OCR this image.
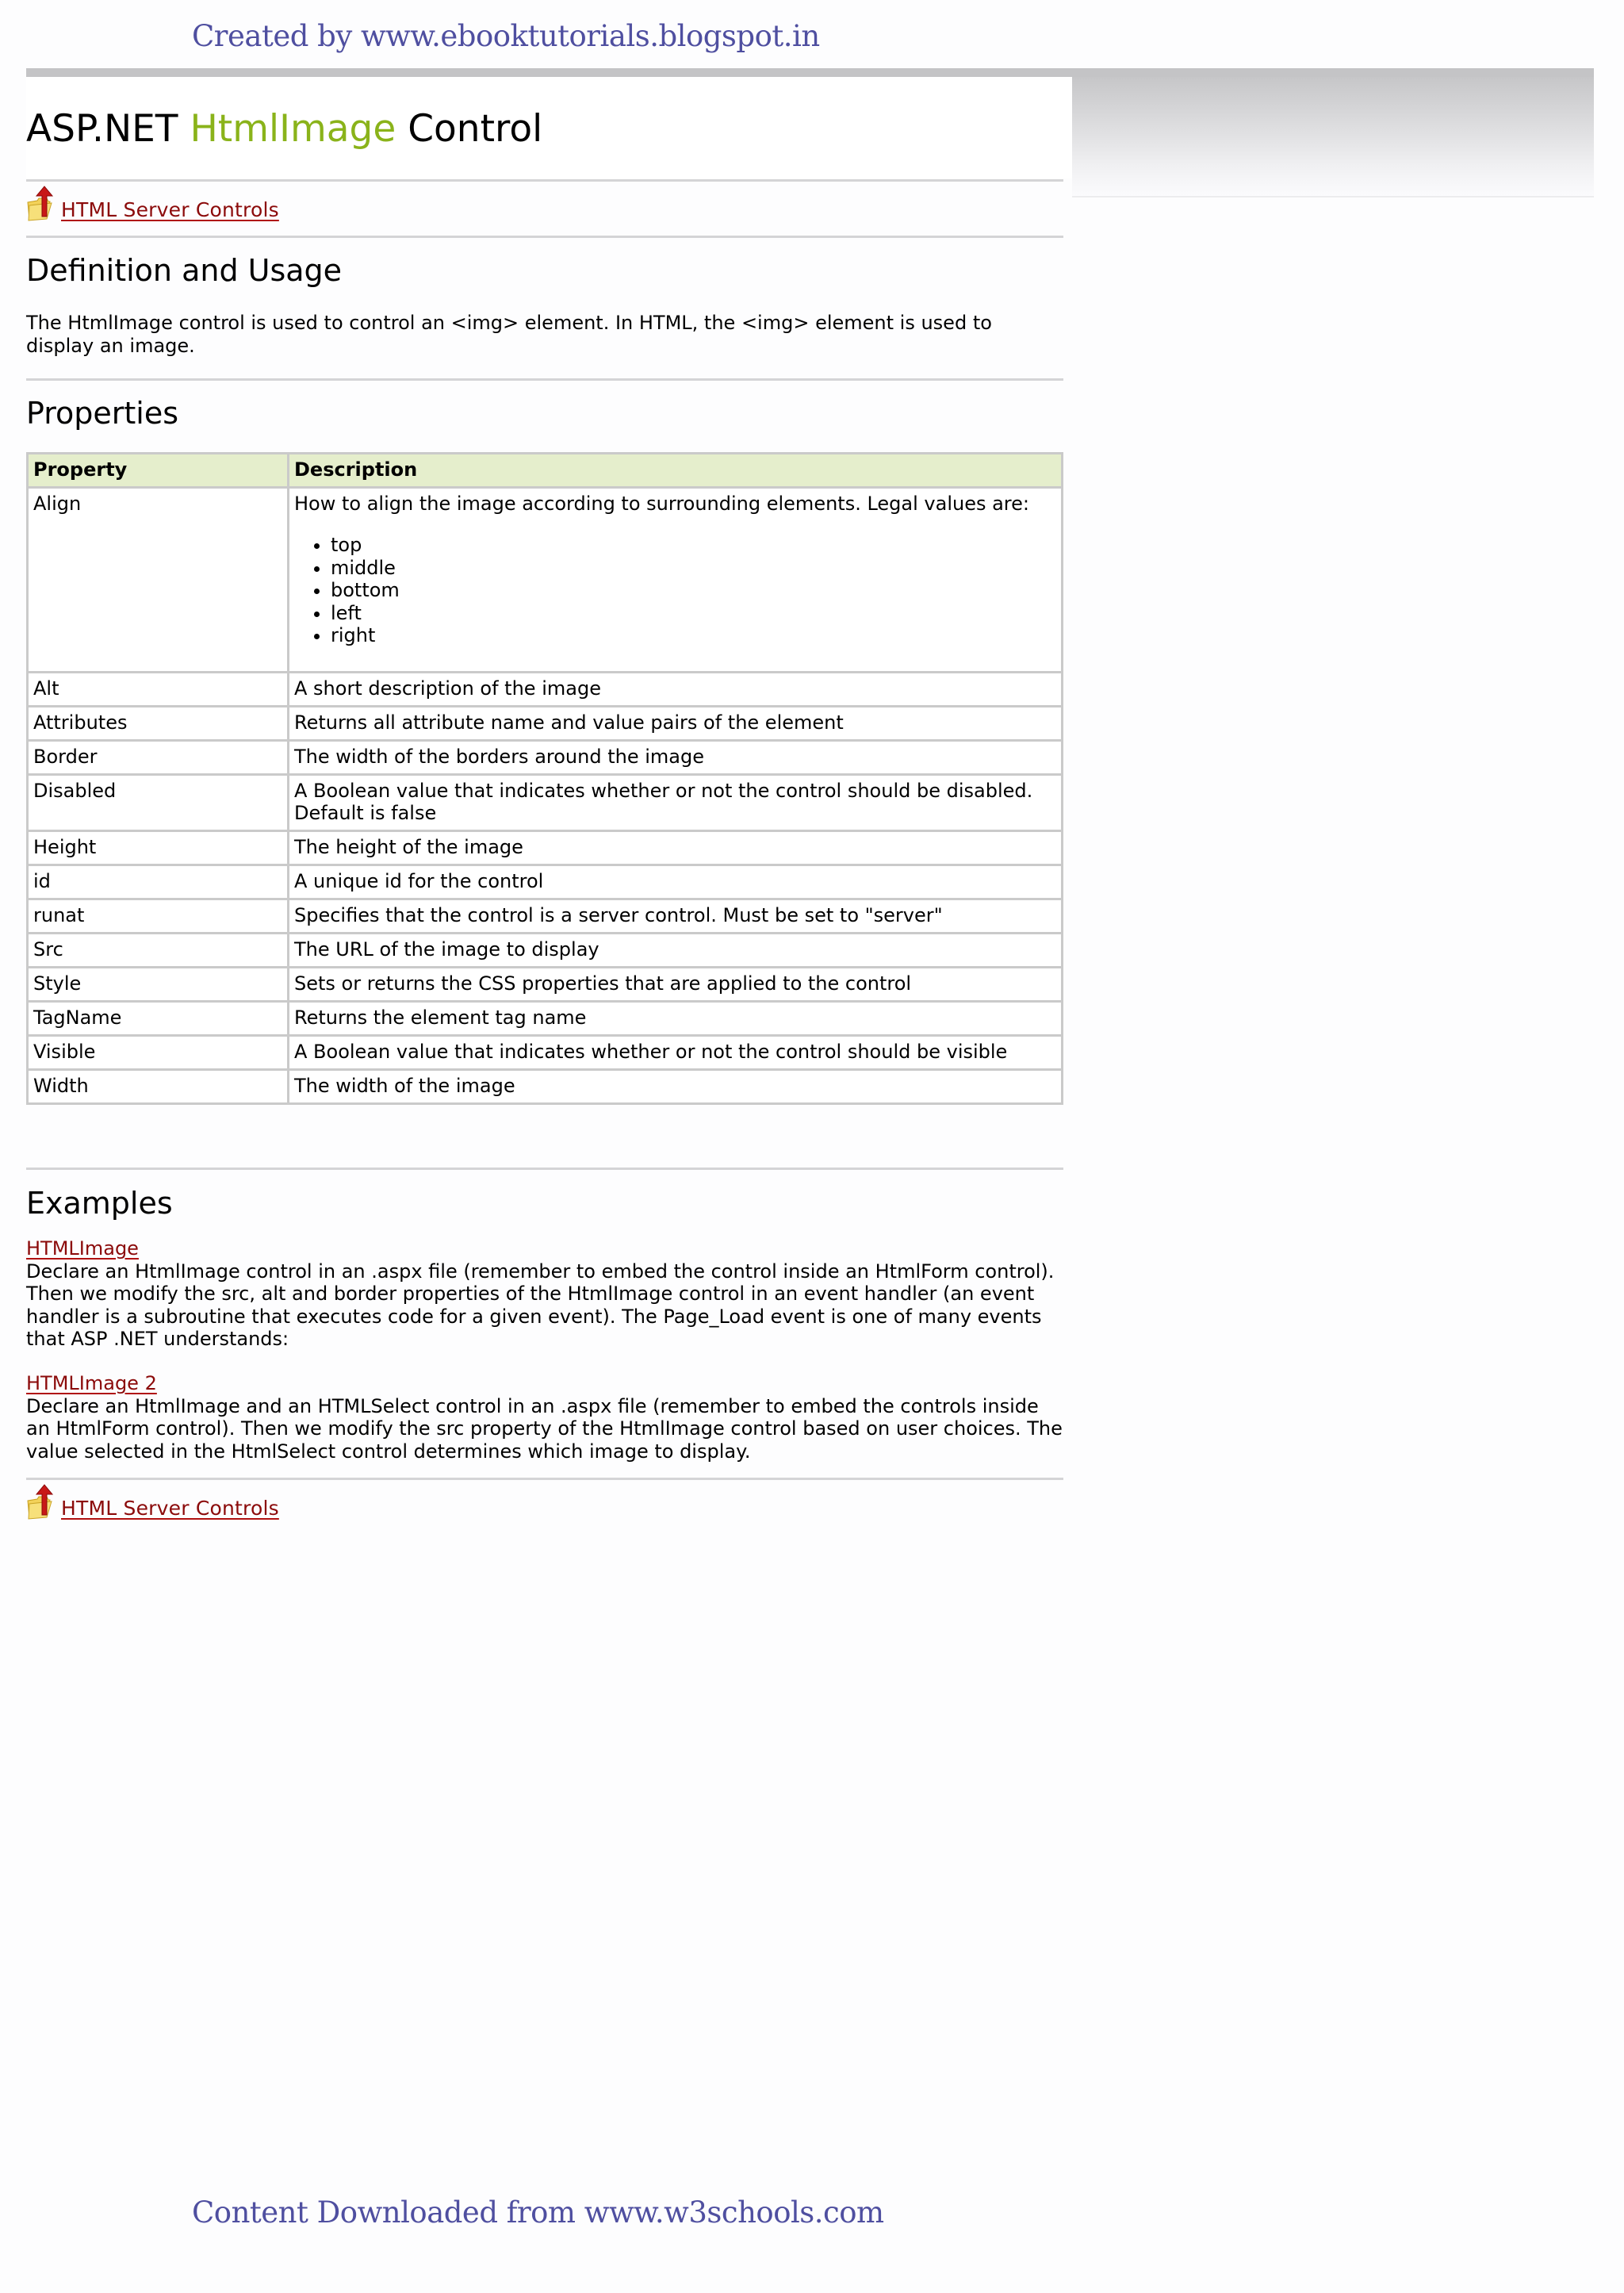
Created by www.ebooktutorials.blogspot.in
ASP.NET HtmlImage Control
HTML Server Controls
Definition and Usage

The HtmlImage control is used to control an <img> element. In HTML, the <img> element is used to display an image.

Properties
Property	Description
Align	How to align the image according to surrounding elements. Legal values are:
• top
• middle
• bottom
• left
• right

Alt	A short description of the image
Attributes	Returns all attribute name and value pairs of the element
Border	The width of the borders around the image
Disabled	A Boolean value that indicates whether or not the control should be disabled. Default is false
Height	The height of the image
id	A unique id for the control
runat	Specifies that the control is a server control. Must be set to "server"
Src	The URL of the image to display
Style	Sets or returns the CSS properties that are applied to the control
TagName	Returns the element tag name
Visible	A Boolean value that indicates whether or not the control should be visible
Width	The width of the image
Examples
HTMLImage
Declare an HtmlImage control in an .aspx file (remember to embed the control inside an HtmlForm control). Then we modify the src, alt and border properties of the HtmlImage control in an event handler (an event handler is a subroutine that executes code for a given event). The Page_Load event is one of many events that ASP .NET understands:
HTMLImage 2
Declare an HtmlImage and an HTMLSelect control in an .aspx file (remember to embed the controls inside an HtmlForm control). Then we modify the src property of the HtmlImage control based on user choices. The value selected in the HtmlSelect control determines which image to display.
HTML Server Controls
Content Downloaded from www.w3schools.com
